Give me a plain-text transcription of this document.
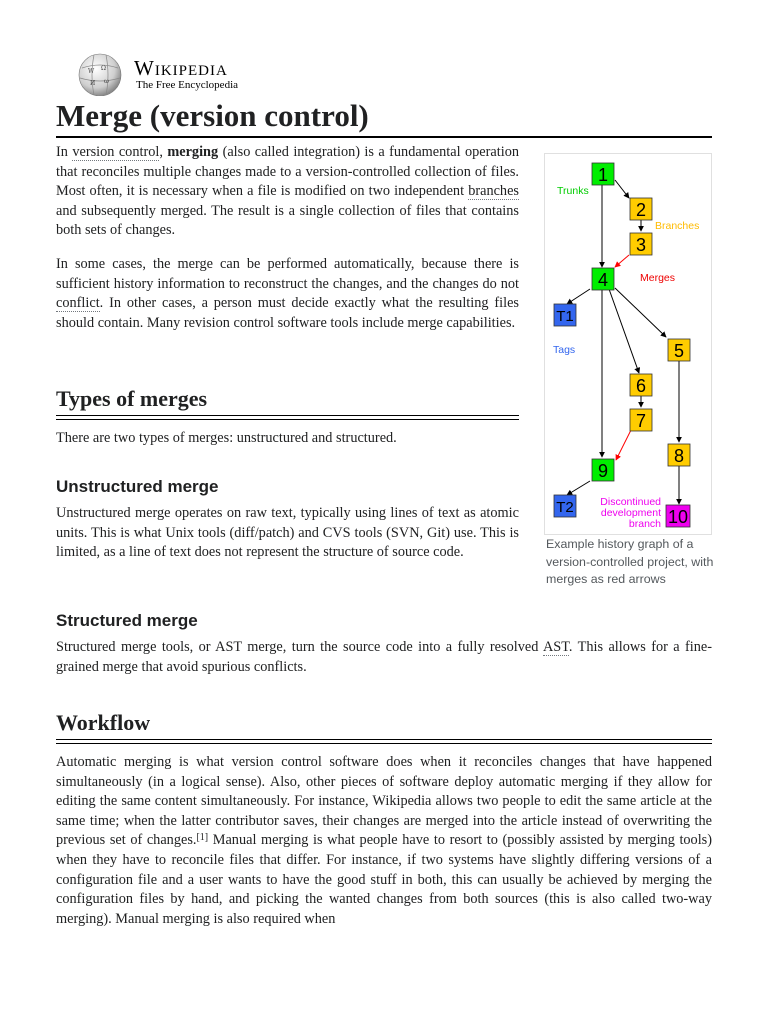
W Ω
И ω
Wikipedia
The Free Encyclopedia
Merge (version control)

In version control, merging (also called integration) is a fundamental operation that reconciles multiple changes made to a version-controlled collection of files. Most often, it is necessary when a file is modified on two independent branches and subsequently merged. The result is a single collection of files that contains both sets of changes.

In some cases, the merge can be performed automatically, because there is sufficient history information to reconstruct the changes, and the changes do not conflict. In other cases, a person must decide exactly what the resulting files should contain. Many revision control software tools include merge capabilities.

1
2
3
4
5
6
7
8
9
10
T1
T2
Trunks
Branches
Merges
Tags
Discontinued
development
branch
Example history graph of a version-controlled project, with merges as red arrows
Types of merges

There are two types of merges: unstructured and structured.

Unstructured merge

Unstructured merge operates on raw text, typically using lines of text as atomic units. This is what Unix tools (diff/patch) and CVS tools (SVN, Git) use. This is limited, as a line of text does not represent the structure of source code.

Structured merge

Structured merge tools, or AST merge, turn the source code into a fully resolved AST. This allows for a fine-grained merge that avoid spurious conflicts.

Workflow

Automatic merging is what version control software does when it reconciles changes that have happened simultaneously (in a logical sense). Also, other pieces of software deploy automatic merging if they allow for editing the same content simultaneously. For instance, Wikipedia allows two people to edit the same article at the same time; when the latter contributor saves, their changes are merged into the article instead of overwriting the previous set of changes.[1] Manual merging is what people have to resort to (possibly assisted by merging tools) when they have to reconcile files that differ. For instance, if two systems have slightly differing versions of a configuration file and a user wants to have the good stuff in both, this can usually be achieved by merging the configuration files by hand, and picking the wanted changes from both sources (this is also called two-way merging). Manual merging is also required when
